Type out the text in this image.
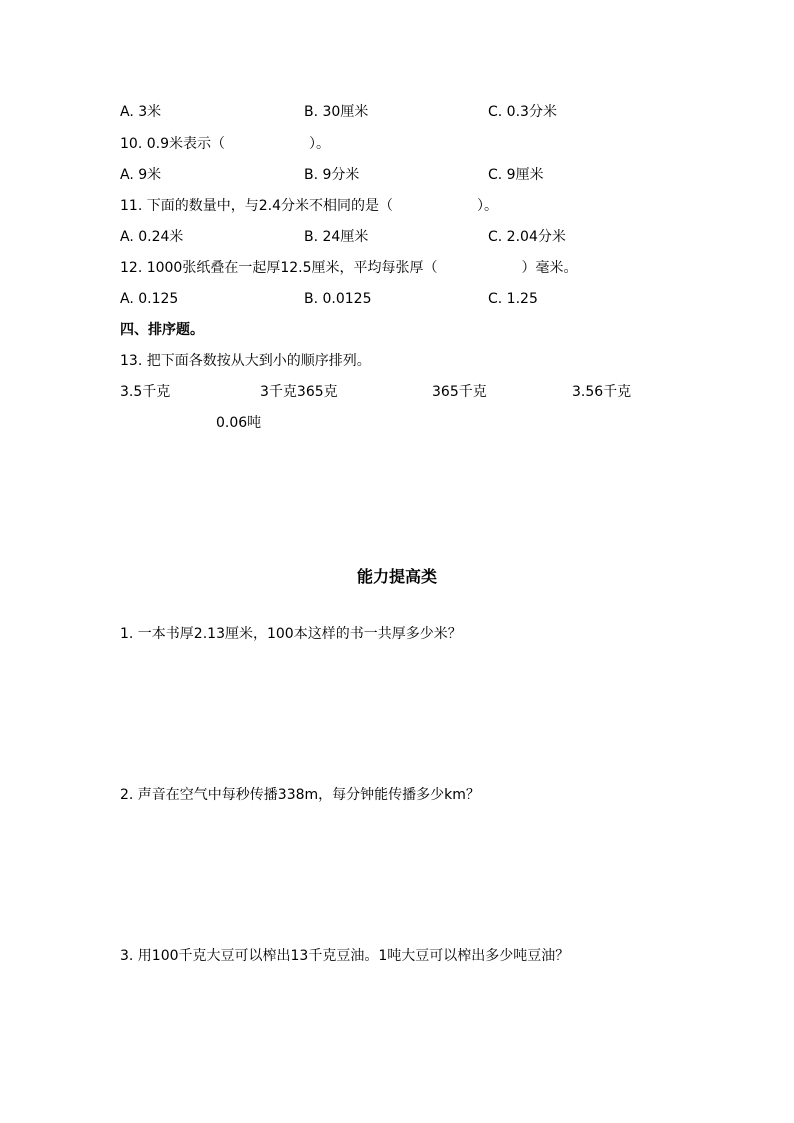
A. 3米	B. 30厘米	C. 0.3分米
10. 0.9米表示（　　　　　　）。
A. 9米	B. 9分米	C. 9厘米
11. 下面的数量中，与2.4分米不相同的是（　　　　　　）。
A. 0.24米	B. 24厘米	C. 2.04分米
12. 1000张纸叠在一起厚12.5厘米，平均每张厚（　　　　　　）毫米。
A. 0.125	B. 0.0125	C. 1.25
四、排序题。
13. 把下面各数按从大到小的顺序排列。
3.5千克	3千克365克	365千克	3.56千克
0.06吨
能力提高类
1. 一本书厚2.13厘米，100本这样的书一共厚多少米？
2. 声音在空气中每秒传播338m，每分钟能传播多少km？
3. 用100千克大豆可以榨出13千克豆油。1吨大豆可以榨出多少吨豆油？
